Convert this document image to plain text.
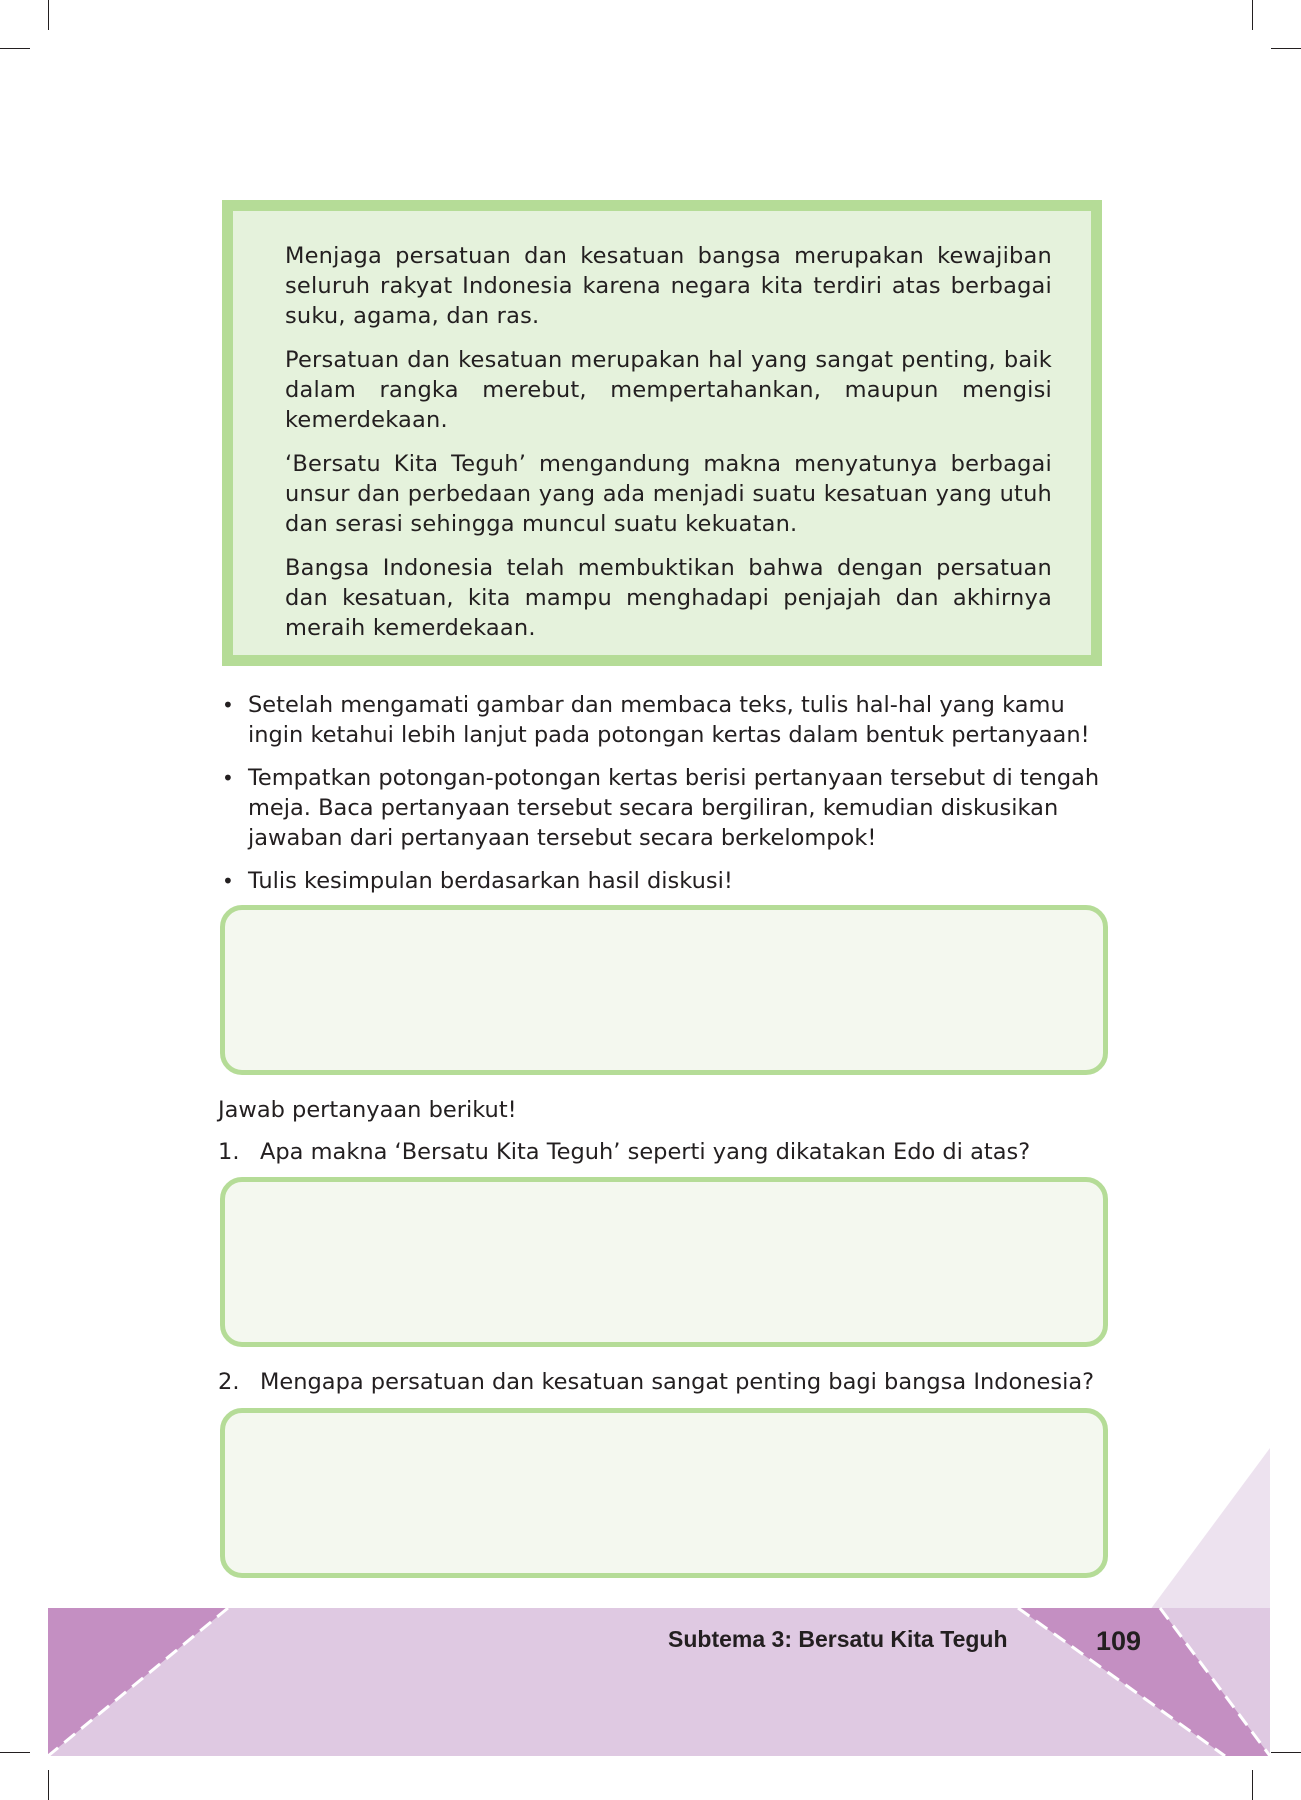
Menjaga persatuan dan kesatuan bangsa merupakan kewajiban seluruh rakyat Indonesia karena negara kita terdiri atas berbagai suku, agama, dan ras.

Persatuan dan kesatuan merupakan hal yang sangat penting, baik dalam rangka merebut, mempertahankan, maupun mengisi kemerdekaan.

‘Bersatu Kita Teguh’ mengandung makna menyatunya berbagai unsur dan perbedaan yang ada menjadi suatu kesatuan yang utuh dan serasi sehingga muncul suatu kekuatan.

Bangsa Indonesia telah membuktikan bahwa dengan persatuan dan kesatuan, kita mampu menghadapi penjajah dan akhirnya meraih kemerdekaan.

• Setelah mengamati gambar dan membaca teks, tulis hal-hal yang kamu ingin ketahui lebih lanjut pada potongan kertas dalam bentuk pertanyaan!
• Tempatkan potongan-potongan kertas berisi pertanyaan tersebut di tengah meja. Baca pertanyaan tersebut secara bergiliran, kemudian diskusikan jawaban dari pertanyaan tersebut secara berkelompok!
• Tulis kesimpulan berdasarkan hasil diskusi!
Jawab pertanyaan berikut!
1. Apa makna ‘Bersatu Kita Teguh’ seperti yang dikatakan Edo di atas?
2. Mengapa persatuan dan kesatuan sangat penting bagi bangsa Indonesia?
Subtema 3: Bersatu Kita Teguh	109
